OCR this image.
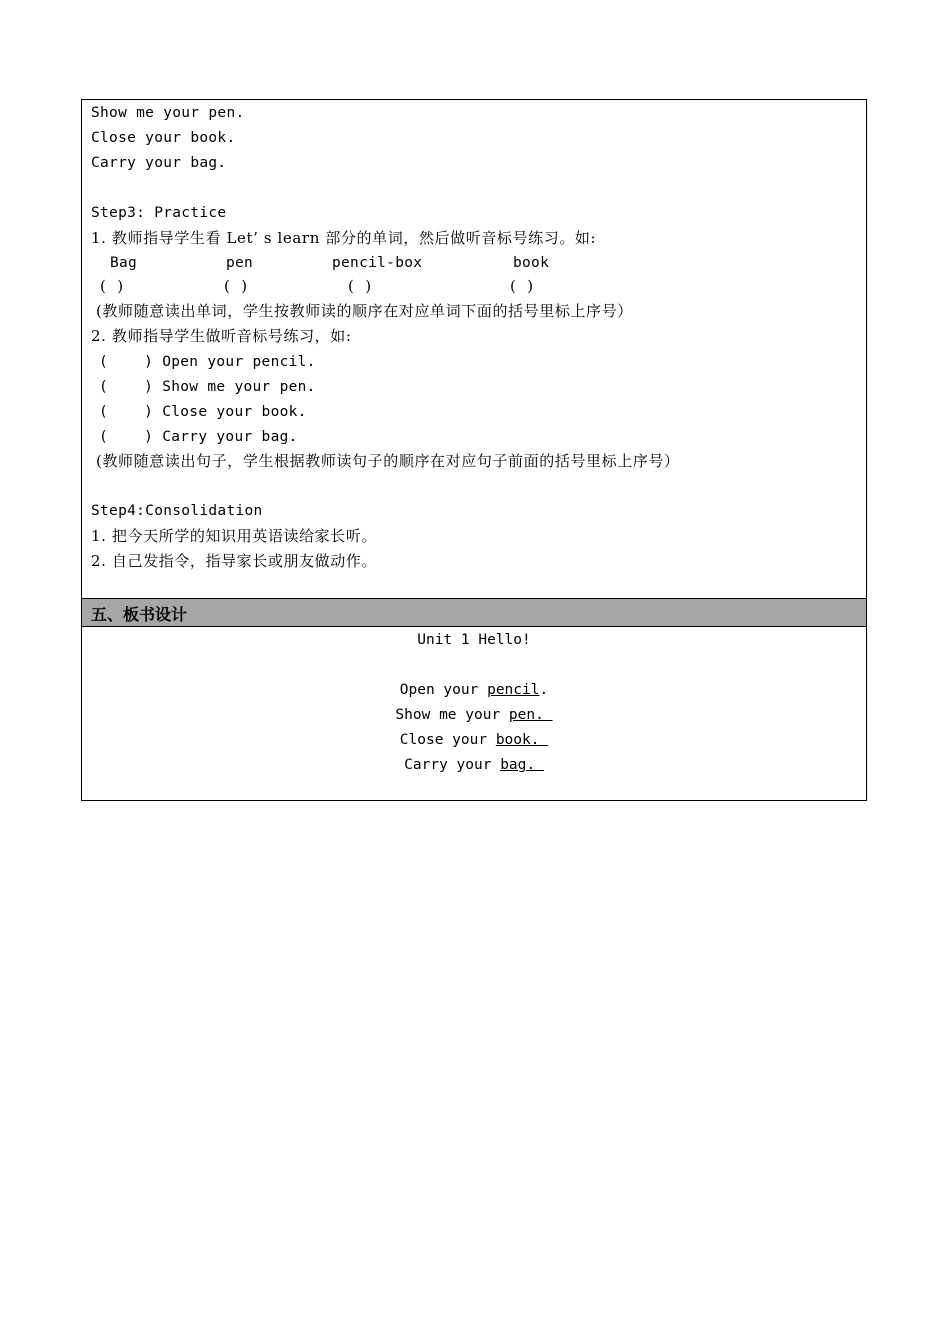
Show me your pen.
Close your book.
Carry your bag.
Step3: Practice
1. 教师指导学生看 Let’ s learn 部分的单词，然后做听音标号练习。如:
Bag	pen	pencil-box	book
(  )	(  )	(  )	(  )
(教师随意读出单词，学生按教师读的顺序在对应单词下面的括号里标上序号）
2. 教师指导学生做听音标号练习，如:
(    ) Open your pencil.
(    ) Show me your pen.
(    ) Close your book.
(    ) Carry your bag.
(教师随意读出句子，学生根据教师读句子的顺序在对应句子前面的括号里标上序号）
Step4:Consolidation
1. 把今天所学的知识用英语读给家长听。
2. 自己发指令，指导家长或朋友做动作。
五、板书设计
Unit 1 Hello!
Open your pencil.
Show me your pen.
Close your book.
Carry your bag.
